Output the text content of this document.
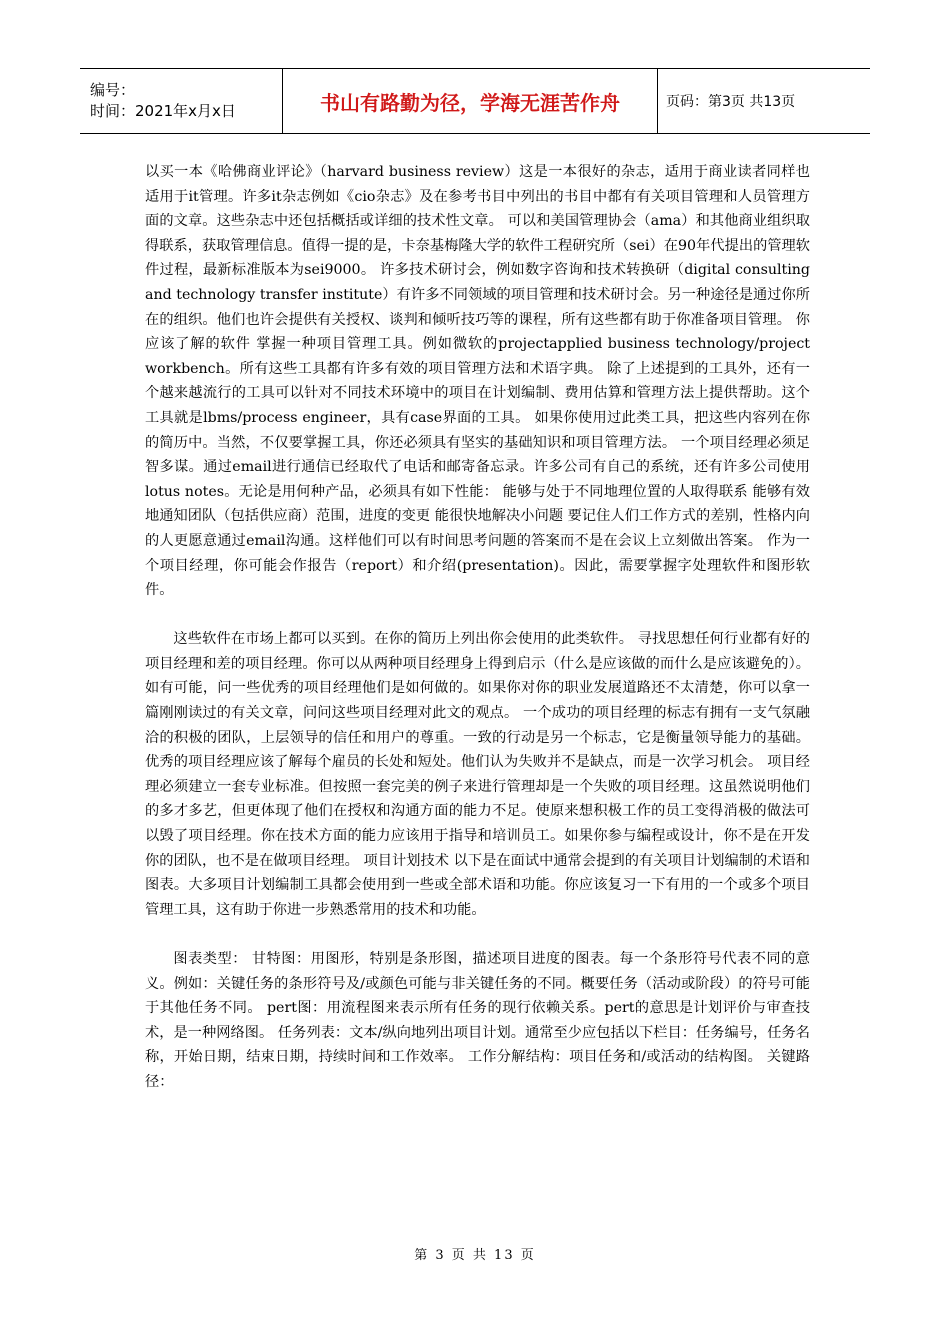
编号：
时间：2021年x月x日	书山有路勤为径，学海无涯苦作舟	页码：第3页 共13页

以买一本《哈佛商业评论》（harvard business review）这是一本很好的杂志，适用于商业读者同样也适用于it管理。许多it杂志例如《cio杂志》及在参考书目中列出的书目中都有有关项目管理和人员管理方面的文章。这些杂志中还包括概括或详细的技术性文章。 可以和美国管理协会（ama）和其他商业组织取得联系，获取管理信息。值得一提的是，卡奈基梅隆大学的软件工程研究所（sei）在90年代提出的管理软件过程，最新标准版本为sei9000。 许多技术研讨会，例如数字咨询和技术转换研（digital consulting and technology transfer institute）有许多不同领域的项目管理和技术研讨会。另一种途径是通过你所在的组织。他们也许会提供有关授权、谈判和倾听技巧等的课程，所有这些都有助于你准备项目管理。 你应该了解的软件 掌握一种项目管理工具。例如微软的projectapplied business technology/project workbench。所有这些工具都有许多有效的项目管理方法和术语字典。 除了上述提到的工具外，还有一个越来越流行的工具可以针对不同技术环境中的项目在计划编制、费用估算和管理方法上提供帮助。这个工具就是lbms/process engineer，具有case界面的工具。 如果你使用过此类工具，把这些内容列在你的简历中。当然，不仅要掌握工具，你还必须具有坚实的基础知识和项目管理方法。 一个项目经理必须足智多谋。通过email进行通信已经取代了电话和邮寄备忘录。许多公司有自己的系统，还有许多公司使用lotus notes。无论是用何种产品，必须具有如下性能： 能够与处于不同地理位置的人取得联系 能够有效地通知团队（包括供应商）范围，进度的变更 能很快地解决小问题 要记住人们工作方式的差别，性格内向的人更愿意通过email沟通。这样他们可以有时间思考问题的答案而不是在会议上立刻做出答案。 作为一个项目经理，你可能会作报告（report）和介绍(presentation)。因此，需要掌握字处理软件和图形软件。

这些软件在市场上都可以买到。在你的简历上列出你会使用的此类软件。 寻找思想任何行业都有好的项目经理和差的项目经理。你可以从两种项目经理身上得到启示（什么是应该做的而什么是应该避免的）。如有可能，问一些优秀的项目经理他们是如何做的。如果你对你的职业发展道路还不太清楚，你可以拿一篇刚刚读过的有关文章，问问这些项目经理对此文的观点。 一个成功的项目经理的标志有拥有一支气氛融洽的积极的团队，上层领导的信任和用户的尊重。一致的行动是另一个标志，它是衡量领导能力的基础。优秀的项目经理应该了解每个雇员的长处和短处。他们认为失败并不是缺点，而是一次学习机会。 项目经理必须建立一套专业标准。但按照一套完美的例子来进行管理却是一个失败的项目经理。这虽然说明他们的多才多艺，但更体现了他们在授权和沟通方面的能力不足。使原来想积极工作的员工变得消极的做法可以毁了项目经理。你在技术方面的能力应该用于指导和培训员工。如果你参与编程或设计，你不是在开发你的团队，也不是在做项目经理。 项目计划技术 以下是在面试中通常会提到的有关项目计划编制的术语和图表。大多项目计划编制工具都会使用到一些或全部术语和功能。你应该复习一下有用的一个或多个项目管理工具，这有助于你进一步熟悉常用的技术和功能。

图表类型： 甘特图：用图形，特别是条形图，描述项目进度的图表。每一个条形符号代表不同的意义。例如：关键任务的条形符号及/或颜色可能与非关键任务的不同。概要任务（活动或阶段）的符号可能于其他任务不同。 pert图：用流程图来表示所有任务的现行依赖关系。pert的意思是计划评价与审查技术，是一种网络图。 任务列表：文本/纵向地列出项目计划。通常至少应包括以下栏目：任务编号，任务名称，开始日期，结束日期，持续时间和工作效率。 工作分解结构：项目任务和/或活动的结构图。 关键路径：

第 3 页 共 13 页
